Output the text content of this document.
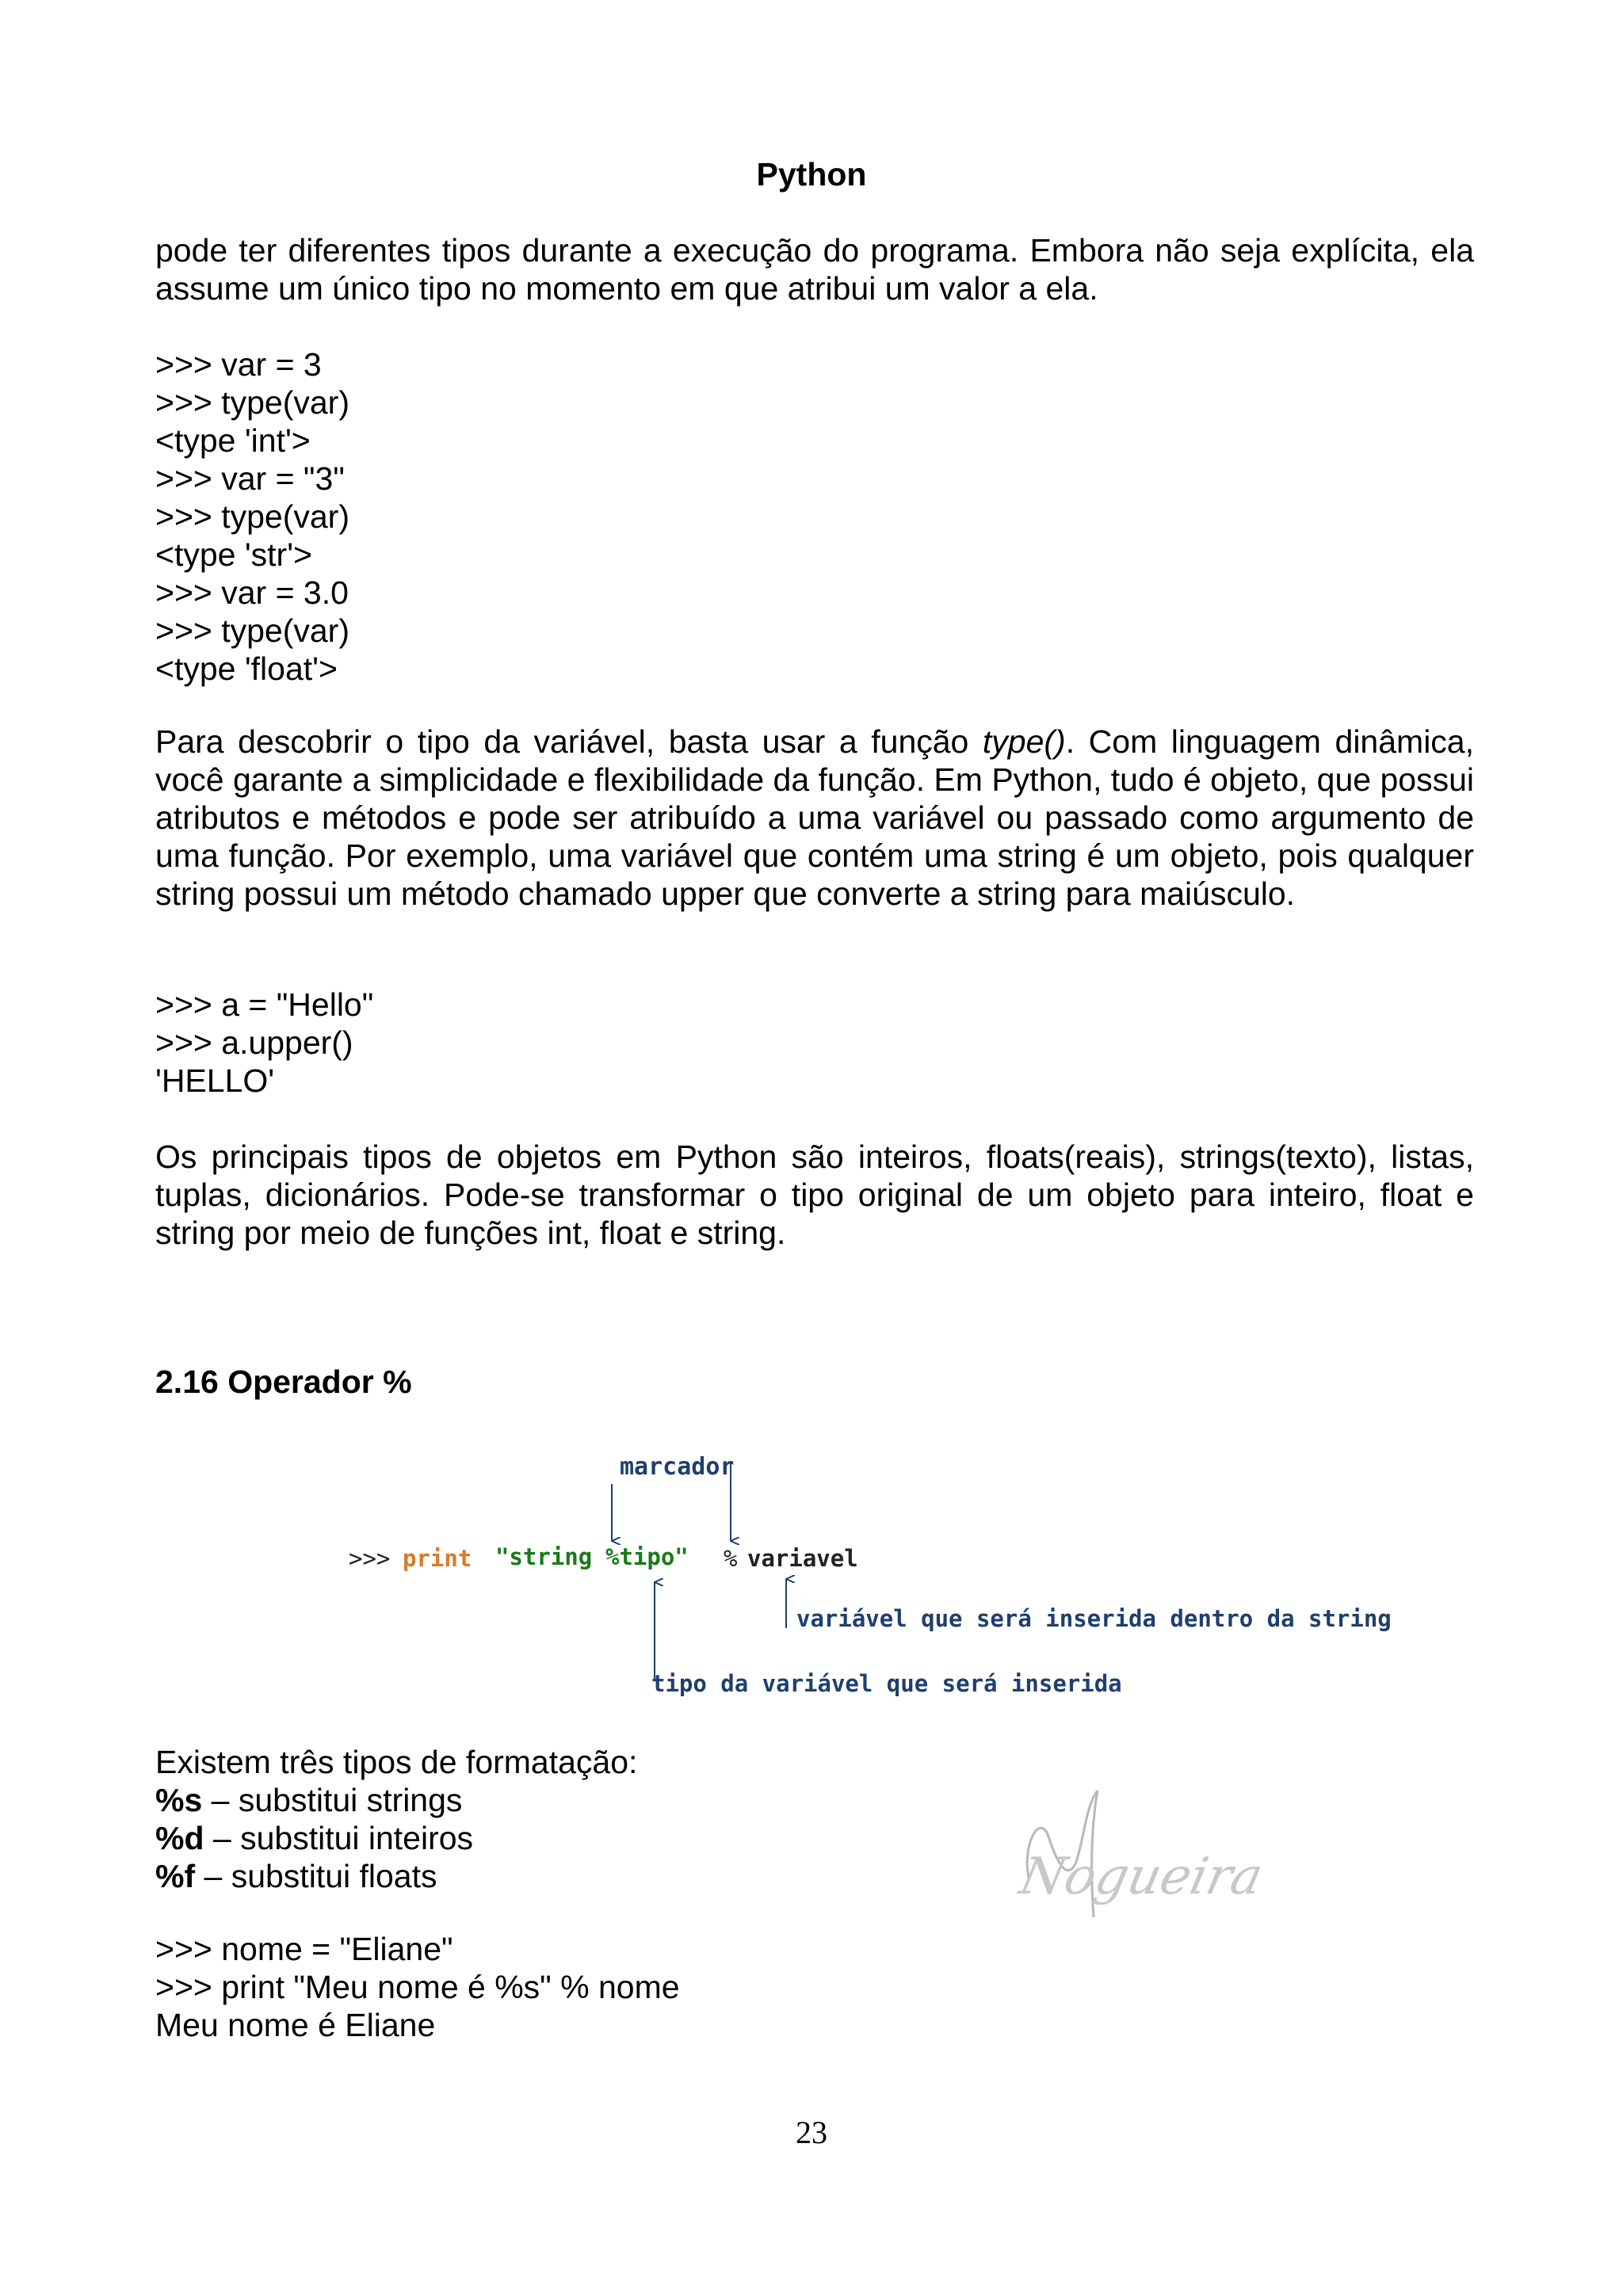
Python
pode ter diferentes tipos durante a execução do programa. Embora não seja explícita, ela assume um único tipo no momento em que atribui um valor a ela.
>>> var = 3
>>> type(var)
<type 'int'>
>>> var = "3"
>>> type(var)
<type 'str'>
>>> var = 3.0
>>> type(var)
<type 'float'>
Para descobrir o tipo da variável, basta usar a função type(). Com linguagem dinâmica, você garante a simplicidade e flexibilidade da função. Em Python, tudo é objeto, que possui atributos e métodos e pode ser atribuído a uma variável ou passado como argumento de uma função. Por exemplo, uma variável que contém uma string é um objeto, pois qualquer string possui um método chamado upper que converte a string para maiúsculo.
>>> a = "Hello"
>>> a.upper()
'HELLO'
Os principais tipos de objetos em Python são inteiros, floats(reais), strings(texto), listas, tuplas, dicionários. Pode-se transformar o tipo original de um objeto para inteiro, float e string por meio de funções int, float e string.
2.16 Operador %
marcador
>>> print "string %tipo" % variavel
variável que será inserida dentro da string
tipo da variável que será inserida
Existem três tipos de formatação:
%s – substitui strings
%d – substitui inteiros
%f – substitui floats	Nogueira
>>> nome = "Eliane"
>>> print "Meu nome é %s" % nome
Meu nome é Eliane
23
